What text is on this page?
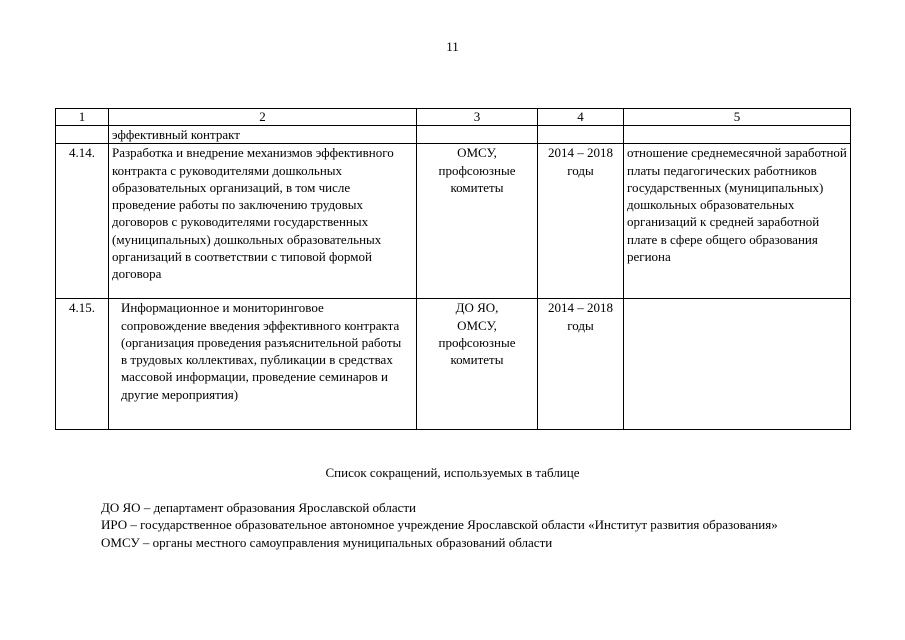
11
1	2	3	4	5
	эффективный контракт			
4.14.	Разработка и внедрение механизмов эффективного контракта с руководителями дошкольных образовательных организаций, в том числе проведение работы по заключению трудовых договоров с руководителями государственных (муниципальных) дошкольных образовательных организаций в соответствии с типовой формой договора	ОМСУ, профсоюзные комитеты	2014 – 2018 годы	отношение среднемесячной заработной платы педагогических работников государственных (муниципальных) дошкольных образовательных организаций к средней заработной плате в сфере общего образования региона
4.15.	Информационное и мониторинговое сопровождение введения эффективного контракта (организация проведения разъяснительной работы в трудовых коллективах, публикации в средствах массовой информации, проведение семинаров и другие мероприятия)	ДО ЯО, ОМСУ, профсоюзные комитеты	2014 – 2018 годы	
Список сокращений, используемых в таблице
ДО ЯО – департамент образования Ярославской области
ИРО – государственное образовательное автономное учреждение Ярославской области «Институт развития образования»
ОМСУ – органы местного самоуправления муниципальных образований области
